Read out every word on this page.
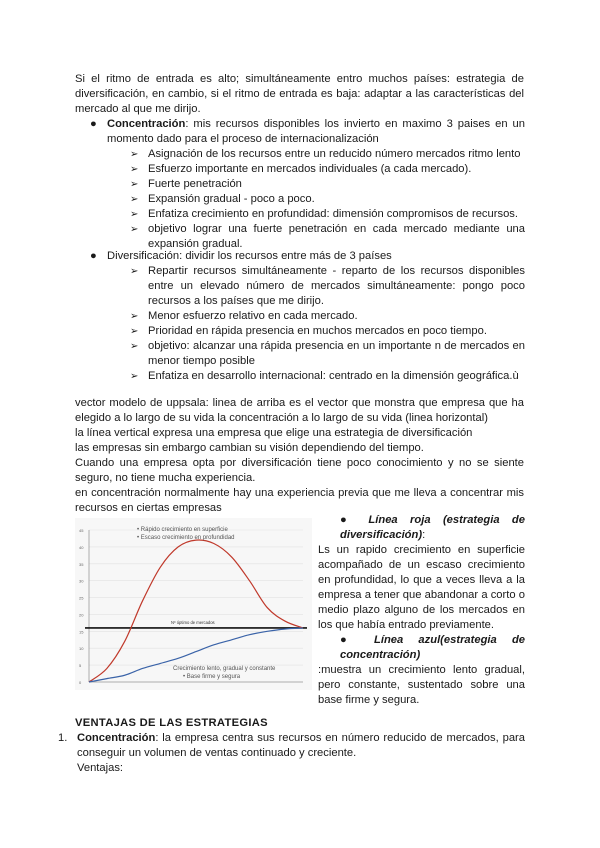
Si el ritmo de entrada es alto; simultáneamente entro muchos países: estrategia de diversificación, en cambio, si el ritmo de entrada es baja: adaptar a las características del mercado al que me dirijo.

● Concentración: mis recursos disponibles los invierto en maximo 3 paises en un momento dado para el proceso de internacionalización

➢ Asignación de los recursos entre un reducido número mercados ritmo lento
➢ Esfuerzo importante en mercados individuales (a cada mercado).
➢ Fuerte penetración
➢ Expansión gradual - poco a poco.
➢ Enfatiza crecimiento en profundidad: dimensión compromisos de recursos.
➢ objetivo lograr una fuerte penetración en cada mercado mediante una expansión gradual.
● Diversificación: dividir los recursos entre más de 3 países

➢ Repartir recursos simultáneamente - reparto de los recursos disponibles entre un elevado número de mercados simultáneamente: pongo poco recursos a los países que me dirijo.
➢ Menor esfuerzo relativo en cada mercado.
➢ Prioridad en rápida presencia en muchos mercados en poco tiempo.
➢ objetivo: alcanzar una rápida presencia en un importante n de mercados en menor tiempo posible
➢ Enfatiza en desarrollo internacional: centrado en la dimensión geográfica.ù

vector modelo de uppsala: linea de arriba es el vector que monstra que empresa que ha elegido a lo largo de su vida la concentración a lo largo de su vida (linea horizontal)

la línea vertical expresa una empresa que elige una estrategia de diversificación

las empresas sin embargo cambian su visión dependiendo del tiempo.

Cuando una empresa opta por diversificación tiene poco conocimiento y no se siente seguro, no tiene mucha experiencia.

en concentración normalmente hay una experiencia previa que me lleva a concentrar mis recursos en ciertas empresas

0
5
10
15
20
25
30
35
40
45
Nº óptimo de mercados
• Rápido crecimiento en superficie
• Escaso crecimiento en profundidad
Crecimiento lento, gradual y constante
• Base firme y segura

● Línea roja (estrategia de diversificación):

Ls un rapido crecimiento en superficie acompañado de un escaso crecimiento en profundidad, lo que a veces lleva a la empresa a tener que abandonar a corto o medio plazo alguno de los mercados en los que había entrado previamente.

● Línea azul(estrategia de concentración)

:muestra un crecimiento lento gradual, pero constante, sustentado sobre una base firme y segura.

VENTAJAS DE LAS ESTRATEGIAS
1. Concentración: la empresa centra sus recursos en número reducido de mercados, para conseguir un volumen de ventas continuado y creciente.

Ventajas:
